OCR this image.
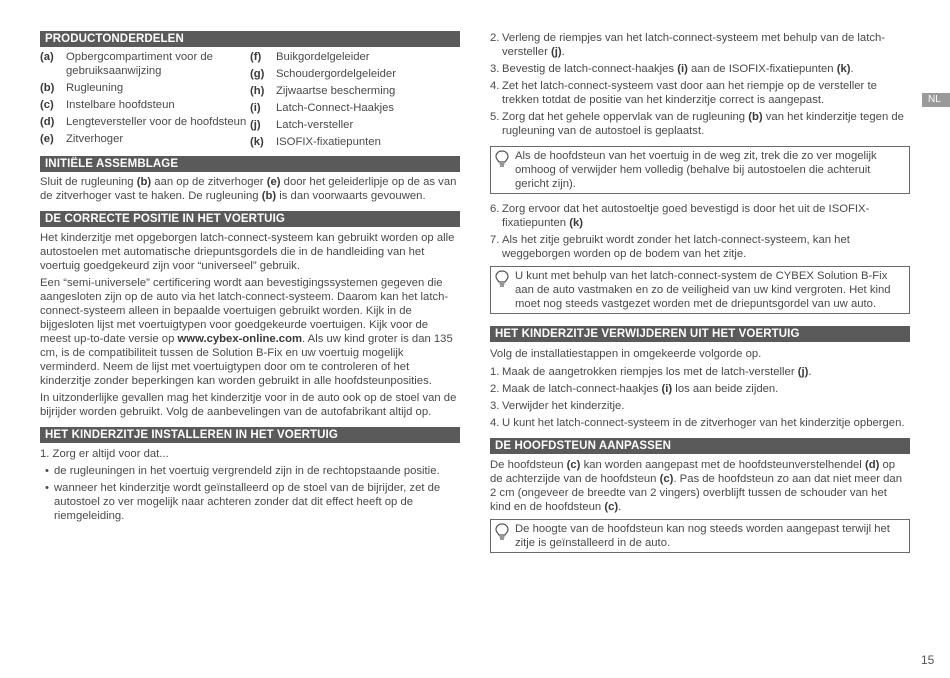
PRODUCTONDERDELEN
(a)	Opbergcompartiment voor de gebruiksaanwijzing
(b)	Rugleuning
(c)	Instelbare hoofdsteun
(d)	Lengteversteller voor de hoofdsteun
(e)	Zitverhoger
(f)	Buikgordelgeleider
(g)	Schoudergordelgeleider
(h)	Zijwaartse bescherming
(i)	Latch-Connect-Haakjes
(j)	Latch-versteller
(k)	ISOFIX-fixatiepunten
INITIËLE ASSEMBLAGE

Sluit de rugleuning (b) aan op de zitverhoger (e) door het geleiderlipje op de as van de zitverhoger vast te haken. De rugleuning (b) is dan voorwaarts gevouwen.

DE CORRECTE POSITIE IN HET VOERTUIG

Het kinderzitje met opgeborgen latch-connect-systeem kan gebruikt worden op alle autostoelen met automatische driepuntsgordels die in de handleiding van het voertuig goedgekeurd zijn voor “universeel” gebruik.

Een “semi-universele” certificering wordt aan bevestigingssystemen gegeven die aangesloten zijn op de auto via het latch-connect-systeem. Daarom kan het latch-connect-systeem alleen in bepaalde voertuigen gebruikt worden. Kijk in de bijgesloten lijst met voertuigtypen voor goedgekeurde voertuigen. Kijk voor de meest up-to-date versie op www.cybex-online.com. Als uw kind groter is dan 135 cm, is de compatibiliteit tussen de Solution B-Fix en uw voertuig mogelijk verminderd. Neem de lijst met voertuigtypen door om te controleren of het kinderzitje zonder beperkingen kan worden gebruikt in alle hoofdsteunposities.

In uitzonderlijke gevallen mag het kinderzitje voor in de auto ook op de stoel van de bijrijder worden gebruikt. Volg de aanbevelingen van de autofabrikant altijd op.

HET KINDERZITJE INSTALLEREN IN HET VOERTUIG

1. Zorg er altijd voor dat...

• de rugleuningen in het voertuig vergrendeld zijn in de rechtopstaande positie.
• wanneer het kinderzitje wordt geïnstalleerd op de stoel van de bijrijder, zet de autostoel zo ver mogelijk naar achteren zonder dat dit effect heeft op de riemgeleiding.
2. Verleng de riempjes van het latch-connect-systeem met behulp van de latch-versteller (j).
3. Bevestig de latch-connect-haakjes (i) aan de ISOFIX-fixatiepunten (k).
4. Zet het latch-connect-systeem vast door aan het riempje op de versteller te trekken totdat de positie van het kinderzitje correct is aangepast.
5. Zorg dat het gehele oppervlak van de rugleuning (b) van het kinderzitje tegen de rugleuning van de autostoel is geplaatst.
Als de hoofdsteun van het voertuig in de weg zit, trek die zo ver mogelijk omhoog of verwijder hem volledig (behalve bij autostoelen die achteruit gericht zijn).
6. Zorg ervoor dat het autostoeltje goed bevestigd is door het uit de ISOFIX-fixatiepunten (k)
7. Als het zitje gebruikt wordt zonder het latch-connect-systeem, kan het weggeborgen worden op de bodem van het zitje.
U kunt met behulp van het latch-connect-system de CYBEX Solution B-Fix aan de auto vastmaken en zo de veiligheid van uw kind vergroten. Het kind moet nog steeds vastgezet worden met de driepuntsgordel van uw auto.
HET KINDERZITJE VERWIJDEREN UIT HET VOERTUIG

Volg de installatiestappen in omgekeerde volgorde op.

1. Maak de aangetrokken riempjes los met de latch-versteller (j).
2. Maak de latch-connect-haakjes (i) los aan beide zijden.
3. Verwijder het kinderzitje.
4. U kunt het latch-connect-systeem in de zitverhoger van het kinderzitje opbergen.
DE HOOFDSTEUN AANPASSEN

De hoofdsteun (c) kan worden aangepast met de hoofdsteunverstelhendel (d) op de achterzijde van de hoofdsteun (c). Pas de hoofdsteun zo aan dat niet meer dan 2 cm (ongeveer de breedte van 2 vingers) overblijft tussen de schouder van het kind en de hoofdsteun (c).

De hoogte van de hoofdsteun kan nog steeds worden aangepast terwijl het zitje is geïnstalleerd in de auto.
NL
15
